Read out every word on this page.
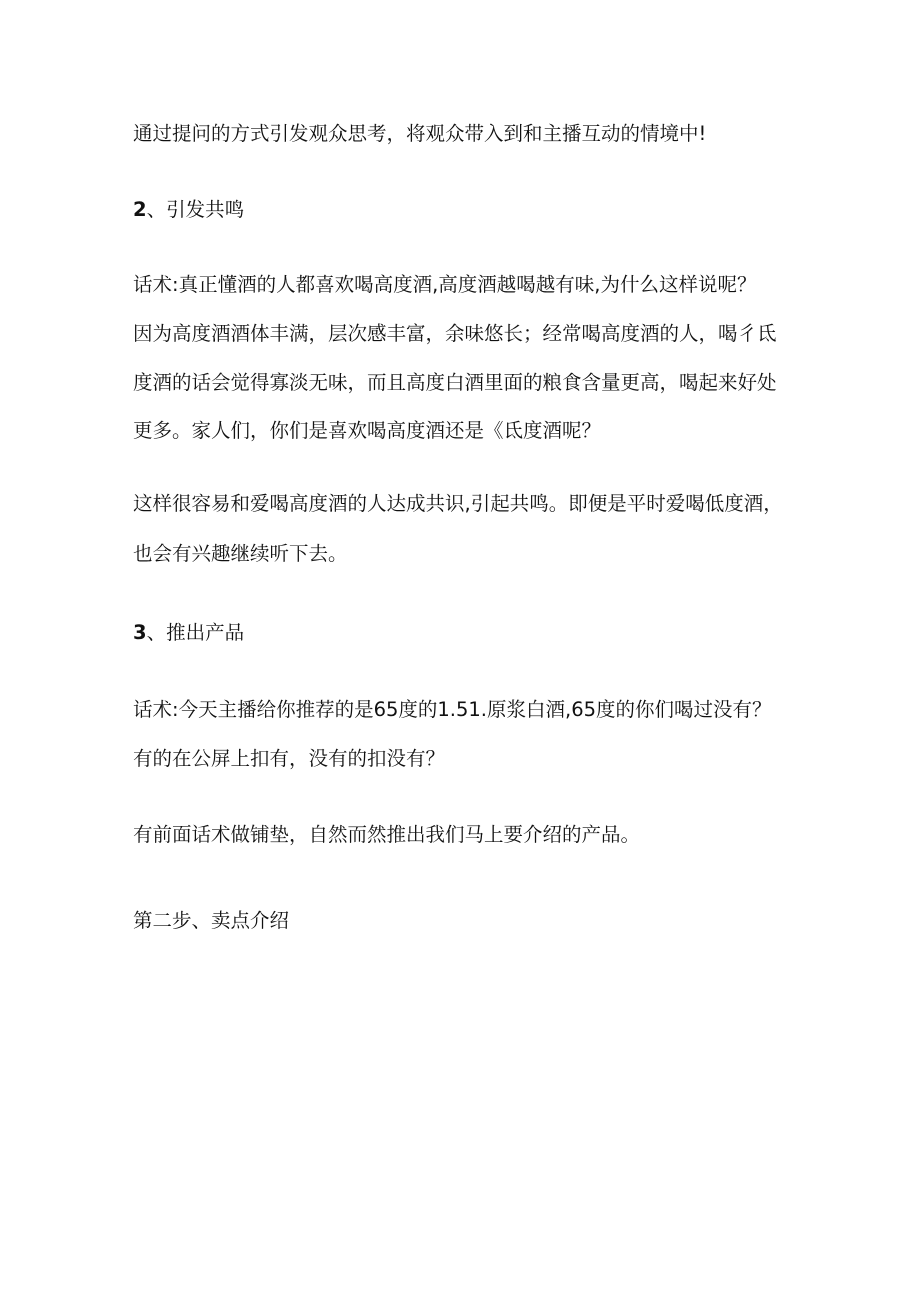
通过提问的方式引发观众思考，将观众带入到和主播互动的情境中!

2、引发共鸣

话术:真正懂酒的人都喜欢喝高度酒,高度酒越喝越有味,为什么这样说呢？

因为高度酒酒体丰满，层次感丰富，余味悠长；经常喝高度酒的人，喝彳氐

度酒的话会觉得寡淡无味，而且高度白酒里面的粮食含量更高，喝起来好处

更多。家人们，你们是喜欢喝高度酒还是《氐度酒呢？

这样很容易和爱喝高度酒的人达成共识,引起共鸣。即便是平时爱喝低度酒，

也会有兴趣继续听下去。

3、推出产品

话术:今天主播给你推荐的是65度的1.51.原浆白酒,65度的你们喝过没有？

有的在公屏上扣有，没有的扣没有？

有前面话术做铺垫，自然而然推出我们马上要介绍的产品。

第二步、卖点介绍
